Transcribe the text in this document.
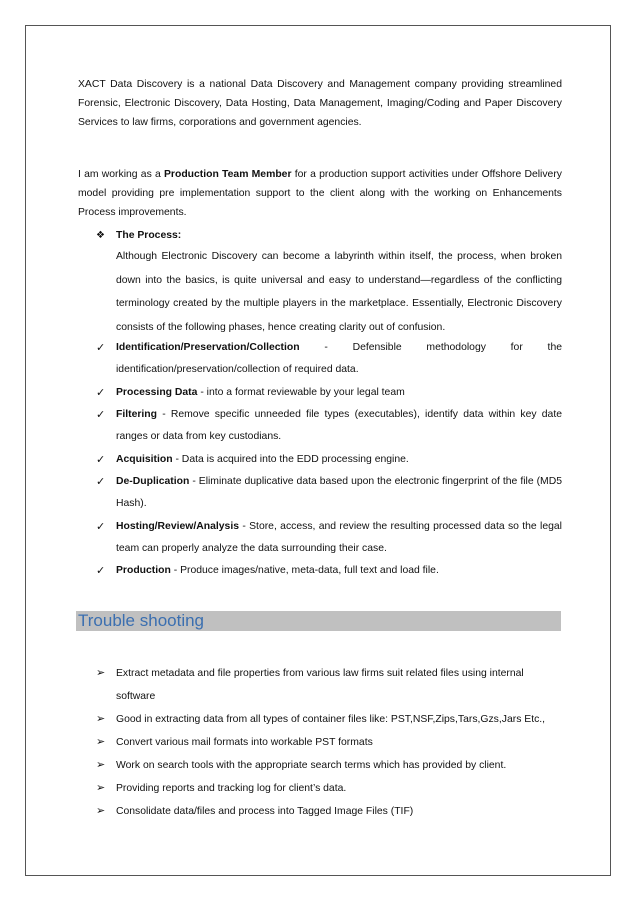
XACT Data Discovery is a national Data Discovery and Management company providing streamlined Forensic, Electronic Discovery, Data Hosting, Data Management, Imaging/Coding and Paper Discovery Services to law firms, corporations and government agencies.

I am working as a Production Team Member for a production support activities under Offshore Delivery model providing pre implementation support to the client along with the working on Enhancements Process improvements.

❖ The Process:
Although Electronic Discovery can become a labyrinth within itself, the process, when broken down into the basics, is quite universal and easy to understand—regardless of the conflicting terminology created by the multiple players in the marketplace. Essentially, Electronic Discovery consists of the following phases, hence creating clarity out of confusion.
✓ Identification/Preservation/Collection - Defensible methodology for the identification/preservation/collection of required data.
✓ Processing Data - into a format reviewable by your legal team
✓ Filtering - Remove specific unneeded file types (executables), identify data within key date ranges or data from key custodians.
✓ Acquisition - Data is acquired into the EDD processing engine.
✓ De-Duplication - Eliminate duplicative data based upon the electronic fingerprint of the file (MD5 Hash).
✓ Hosting/Review/Analysis - Store, access, and review the resulting processed data so the legal team can properly analyze the data surrounding their case.
✓ Production - Produce images/native, meta-data, full text and load file.
Trouble shooting
➢ Extract metadata and file properties from various law firms suit related files using internal software
➢ Good in extracting data from all types of container files like: PST,NSF,Zips,Tars,Gzs,Jars Etc.,
➢ Convert various mail formats into workable PST formats
➢ Work on search tools with the appropriate search terms which has provided by client.
➢ Providing reports and tracking log for client’s data.
➢ Consolidate data/files and process into Tagged Image Files (TIF)
